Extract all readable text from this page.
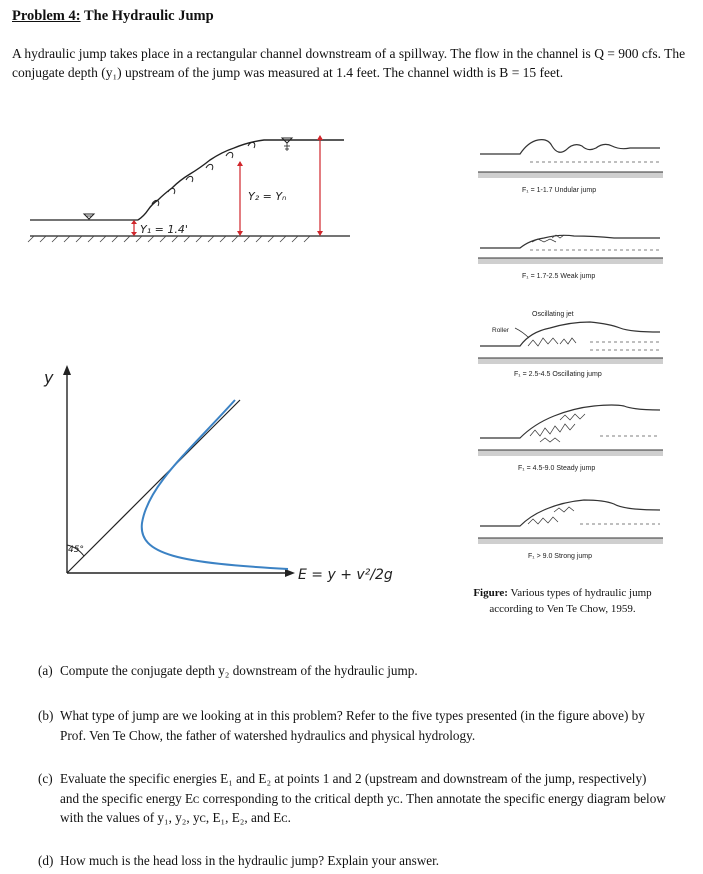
Problem 4: The Hydraulic Jump
A hydraulic jump takes place in a rectangular channel downstream of a spillway. The flow in the channel is Q = 900 cfs. The conjugate depth (y₁) upstream of the jump was measured at 1.4 feet. The channel width is B = 15 feet.
Y₁ = 1.4'
Y₂ = Yₙ	F₁ = 1-1.7 Undular jump
F₁ = 1.7-2.5 Weak jump
Oscillating jet
Roller
F₁ = 2.5-4.5 Oscillating jump
F₁ = 4.5-9.0 Steady jump
F₁ > 9.0 Strong jump
Figure: Various types of hydraulic jump according to Ven Te Chow, 1959.
y
E = y + v²/2g
45°
(a) Compute the conjugate depth y₂ downstream of the hydraulic jump.
(b) What type of jump are we looking at in this problem? Refer to the five types presented (in the figure above) by Prof. Ven Te Chow, the father of watershed hydraulics and physical hydrology.
(c) Evaluate the specific energies E₁ and E₂ at points 1 and 2 (upstream and downstream of the jump, respectively) and the specific energy Eᴄ corresponding to the critical depth yᴄ. Then annotate the specific energy diagram below with the values of y₁, y₂, yᴄ, E₁, E₂, and Eᴄ.
(d) How much is the head loss in the hydraulic jump? Explain your answer.
